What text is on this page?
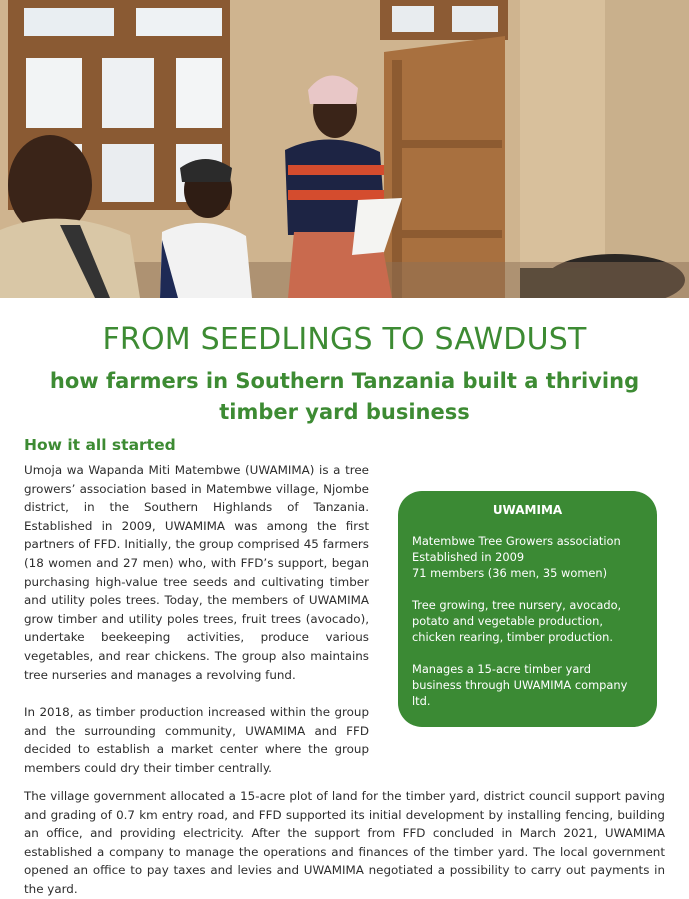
FROM SEEDLINGS TO SAWDUST
how farmers in Southern Tanzania built a thriving timber yard business
How it all started

Umoja wa Wapanda Miti Matembwe (UWAMIMA) is a tree growers’ association based in Matembwe village, Njombe district, in the Southern Highlands of Tanzania. Established in 2009, UWAMIMA was among the first partners of FFD. Initially, the group comprised 45 farmers (18 women and 27 men) who, with FFD’s support, began purchasing high-value tree seeds and cultivating timber and utility poles trees. Today, the members of UWAMIMA grow timber and utility poles trees, fruit trees (avocado), undertake beekeeping activities, produce various vegetables, and rear chickens. The group also maintains tree nurseries and manages a revolving fund.

In 2018, as timber production increased within the group and the surrounding community, UWAMIMA and FFD decided to establish a market center where the group members could dry their timber centrally.

The village government allocated a 15-acre plot of land for the timber yard, district council support paving and grading of 0.7 km entry road, and FFD supported its initial development by installing fencing, building an office, and providing electricity. After the support from FFD concluded in March 2021, UWAMIMA established a company to manage the operations and finances of the timber yard. The local government opened an office to pay taxes and levies and UWAMIMA negotiated a possibility to carry out payments in the yard.

UWAMIMA

Matembwe Tree Growers association

Established in 2009

71 members (36 men, 35 women)

Tree growing, tree nursery, avocado, potato and vegetable production, chicken rearing, timber production.

Manages a 15-acre timber yard business through UWAMIMA company ltd.
